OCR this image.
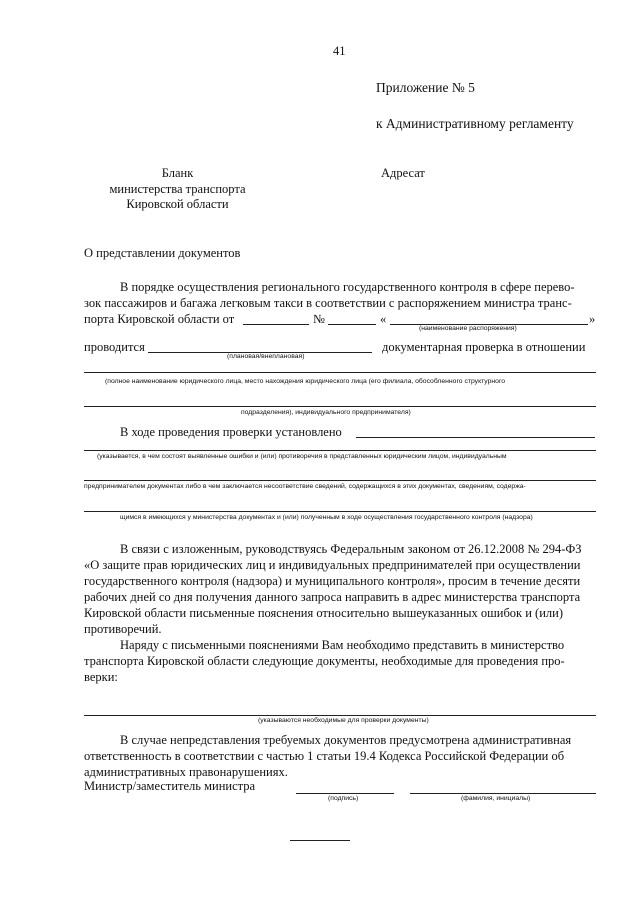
41
Приложение № 5
к Административному регламенту
Бланк
министерства транспорта
Кировской области
Адресат
О представлении документов
В порядке осуществления регионального государственного контроля в сфере перево-
зок пассажиров и багажа легковым такси в соответствии с распоряжением министра транс-
порта Кировской области от	№	«	»
(наименование распоряжения)
проводится	документарная проверка в отношении
(плановая/внеплановая)
(полное наименование юридического лица, место нахождения юридического лица (его филиала, обособленного структурного
подразделения), индивидуального предпринимателя)
В ходе проведения проверки установлено
(указывается, в чем состоят выявленные ошибки и (или) противоречия в представленных юридическим лицом, индивидуальным
предпринимателем документах либо в чем заключается несоответствие сведений, содержащихся в этих документах, сведениям, содержа-
щимся в имеющихся у министерства документах и (или) полученным в ходе осуществления государственного контроля (надзора)
В связи с изложенным, руководствуясь Федеральным законом от 26.12.2008 № 294-ФЗ
«О защите прав юридических лиц и индивидуальных предпринимателей при осуществлении
государственного контроля (надзора) и муниципального контроля», просим в течение десяти
рабочих дней со дня получения данного запроса направить в адрес министерства транспорта
Кировской области письменные пояснения относительно вышеуказанных ошибок и (или)
противоречий.
Наряду с письменными пояснениями Вам необходимо представить в министерство
транспорта Кировской области следующие документы, необходимые для проведения про-
верки:
(указываются необходимые для проверки документы)
В случае непредставления требуемых документов предусмотрена административная
ответственность в соответствии с частью 1 статьи 19.4 Кодекса Российской Федерации об
административных правонарушениях.
Министр/заместитель министра
(подпись)	(фамилия, инициалы)
